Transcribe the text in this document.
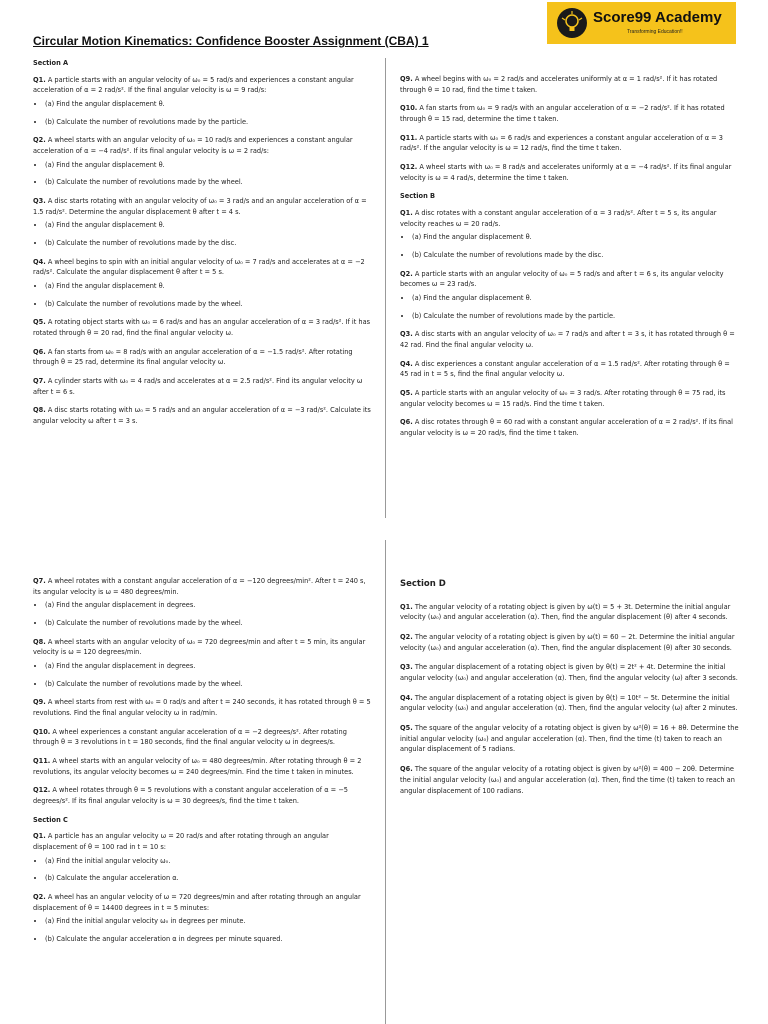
Circular Motion Kinematics: Confidence Booster Assignment (CBA) 1
Score99 Academy
Transforming Education!!
Section A
Q1. A particle starts with an angular velocity of ω₀ = 5 rad/s and experiences a constant angular acceleration of α = 2 rad/s². If the final angular velocity is ω = 9 rad/s:
• (a) Find the angular displacement θ.
• (b) Calculate the number of revolutions made by the particle.
Q2. A wheel starts with an angular velocity of ω₀ = 10 rad/s and experiences a constant angular acceleration of α = −4 rad/s². If its final angular velocity is ω = 2 rad/s:
• (a) Find the angular displacement θ.
• (b) Calculate the number of revolutions made by the wheel.
Q3. A disc starts rotating with an angular velocity of ω₀ = 3 rad/s and an angular acceleration of α = 1.5 rad/s². Determine the angular displacement θ after t = 4 s.
• (a) Find the angular displacement θ.
• (b) Calculate the number of revolutions made by the disc.
Q4. A wheel begins to spin with an initial angular velocity of ω₀ = 7 rad/s and accelerates at α = −2 rad/s². Calculate the angular displacement θ after t = 5 s.
• (a) Find the angular displacement θ.
• (b) Calculate the number of revolutions made by the wheel.
Q5. A rotating object starts with ω₀ = 6 rad/s and has an angular acceleration of α = 3 rad/s². If it has rotated through θ = 20 rad, find the final angular velocity ω.
Q6. A fan starts from ω₀ = 8 rad/s with an angular acceleration of α = −1.5 rad/s². After rotating through θ = 25 rad, determine its final angular velocity ω.
Q7. A cylinder starts with ω₀ = 4 rad/s and accelerates at α = 2.5 rad/s². Find its angular velocity ω after t = 6 s.
Q8. A disc starts rotating with ω₀ = 5 rad/s and an angular acceleration of α = −3 rad/s². Calculate its angular velocity ω after t = 3 s.
Q9. A wheel begins with ω₀ = 2 rad/s and accelerates uniformly at α = 1 rad/s². If it has rotated through θ = 10 rad, find the time t taken.
Q10. A fan starts from ω₀ = 9 rad/s with an angular acceleration of α = −2 rad/s². If it has rotated through θ = 15 rad, determine the time t taken.
Q11. A particle starts with ω₀ = 6 rad/s and experiences a constant angular acceleration of α = 3 rad/s². If the angular velocity is ω = 12 rad/s, find the time t taken.
Q12. A wheel starts with ω₀ = 8 rad/s and accelerates uniformly at α = −4 rad/s². If its final angular velocity is ω = 4 rad/s, determine the time t taken.
Section B
Q1. A disc rotates with a constant angular acceleration of α = 3 rad/s². After t = 5 s, its angular velocity reaches ω = 20 rad/s.
• (a) Find the angular displacement θ.
• (b) Calculate the number of revolutions made by the disc.
Q2. A particle starts with an angular velocity of ω₀ = 5 rad/s and after t = 6 s, its angular velocity becomes ω = 23 rad/s.
• (a) Find the angular displacement θ.
• (b) Calculate the number of revolutions made by the particle.
Q3. A disc starts with an angular velocity of ω₀ = 7 rad/s and after t = 3 s, it has rotated through θ = 42 rad. Find the final angular velocity ω.
Q4. A disc experiences a constant angular acceleration of α = 1.5 rad/s². After rotating through θ = 45 rad in t = 5 s, find the final angular velocity ω.
Q5. A particle starts with an angular velocity of ω₀ = 3 rad/s. After rotating through θ = 75 rad, its angular velocity becomes ω = 15 rad/s. Find the time t taken.
Q6. A disc rotates through θ = 60 rad with a constant angular acceleration of α = 2 rad/s². If its final angular velocity is ω = 20 rad/s, find the time t taken.
Q7. A wheel rotates with a constant angular acceleration of α = −120 degrees/min². After t = 240 s, its angular velocity is ω = 480 degrees/min.
• (a) Find the angular displacement in degrees.
• (b) Calculate the number of revolutions made by the wheel.
Q8. A wheel starts with an angular velocity of ω₀ = 720 degrees/min and after t = 5 min, its angular velocity is ω = 120 degrees/min.
• (a) Find the angular displacement in degrees.
• (b) Calculate the number of revolutions made by the wheel.
Q9. A wheel starts from rest with ω₀ = 0 rad/s and after t = 240 seconds, it has rotated through θ = 5 revolutions. Find the final angular velocity ω in rad/min.
Q10. A wheel experiences a constant angular acceleration of α = −2 degrees/s². After rotating through θ = 3 revolutions in t = 180 seconds, find the final angular velocity ω in degrees/s.
Q11. A wheel starts with an angular velocity of ω₀ = 480 degrees/min. After rotating through θ = 2 revolutions, its angular velocity becomes ω = 240 degrees/min. Find the time t taken in minutes.
Q12. A wheel rotates through θ = 5 revolutions with a constant angular acceleration of α = −5 degrees/s². If its final angular velocity is ω = 30 degrees/s, find the time t taken.
Section C
Q1. A particle has an angular velocity ω = 20 rad/s and after rotating through an angular displacement of θ = 100 rad in t = 10 s:
• (a) Find the initial angular velocity ω₀.
• (b) Calculate the angular acceleration α.
Q2. A wheel has an angular velocity of ω = 720 degrees/min and after rotating through an angular displacement of θ = 14400 degrees in t = 5 minutes:
• (a) Find the initial angular velocity ω₀ in degrees per minute.
• (b) Calculate the angular acceleration α in degrees per minute squared.
Section D
Q1. The angular velocity of a rotating object is given by ω(t) = 5 + 3t. Determine the initial angular velocity (ω₀) and angular acceleration (α). Then, find the angular displacement (θ) after 4 seconds.
Q2. The angular velocity of a rotating object is given by ω(t) = 60 − 2t. Determine the initial angular velocity (ω₀) and angular acceleration (α). Then, find the angular displacement (θ) after 30 seconds.
Q3. The angular displacement of a rotating object is given by θ(t) = 2t² + 4t. Determine the initial angular velocity (ω₀) and angular acceleration (α). Then, find the angular velocity (ω) after 3 seconds.
Q4. The angular displacement of a rotating object is given by θ(t) = 10t² − 5t. Determine the initial angular velocity (ω₀) and angular acceleration (α). Then, find the angular velocity (ω) after 2 minutes.
Q5. The square of the angular velocity of a rotating object is given by ω²(θ) = 16 + 8θ. Determine the initial angular velocity (ω₀) and angular acceleration (α). Then, find the time (t) taken to reach an angular displacement of 5 radians.
Q6. The square of the angular velocity of a rotating object is given by ω²(θ) = 400 − 20θ. Determine the initial angular velocity (ω₀) and angular acceleration (α). Then, find the time (t) taken to reach an angular displacement of 100 radians.
